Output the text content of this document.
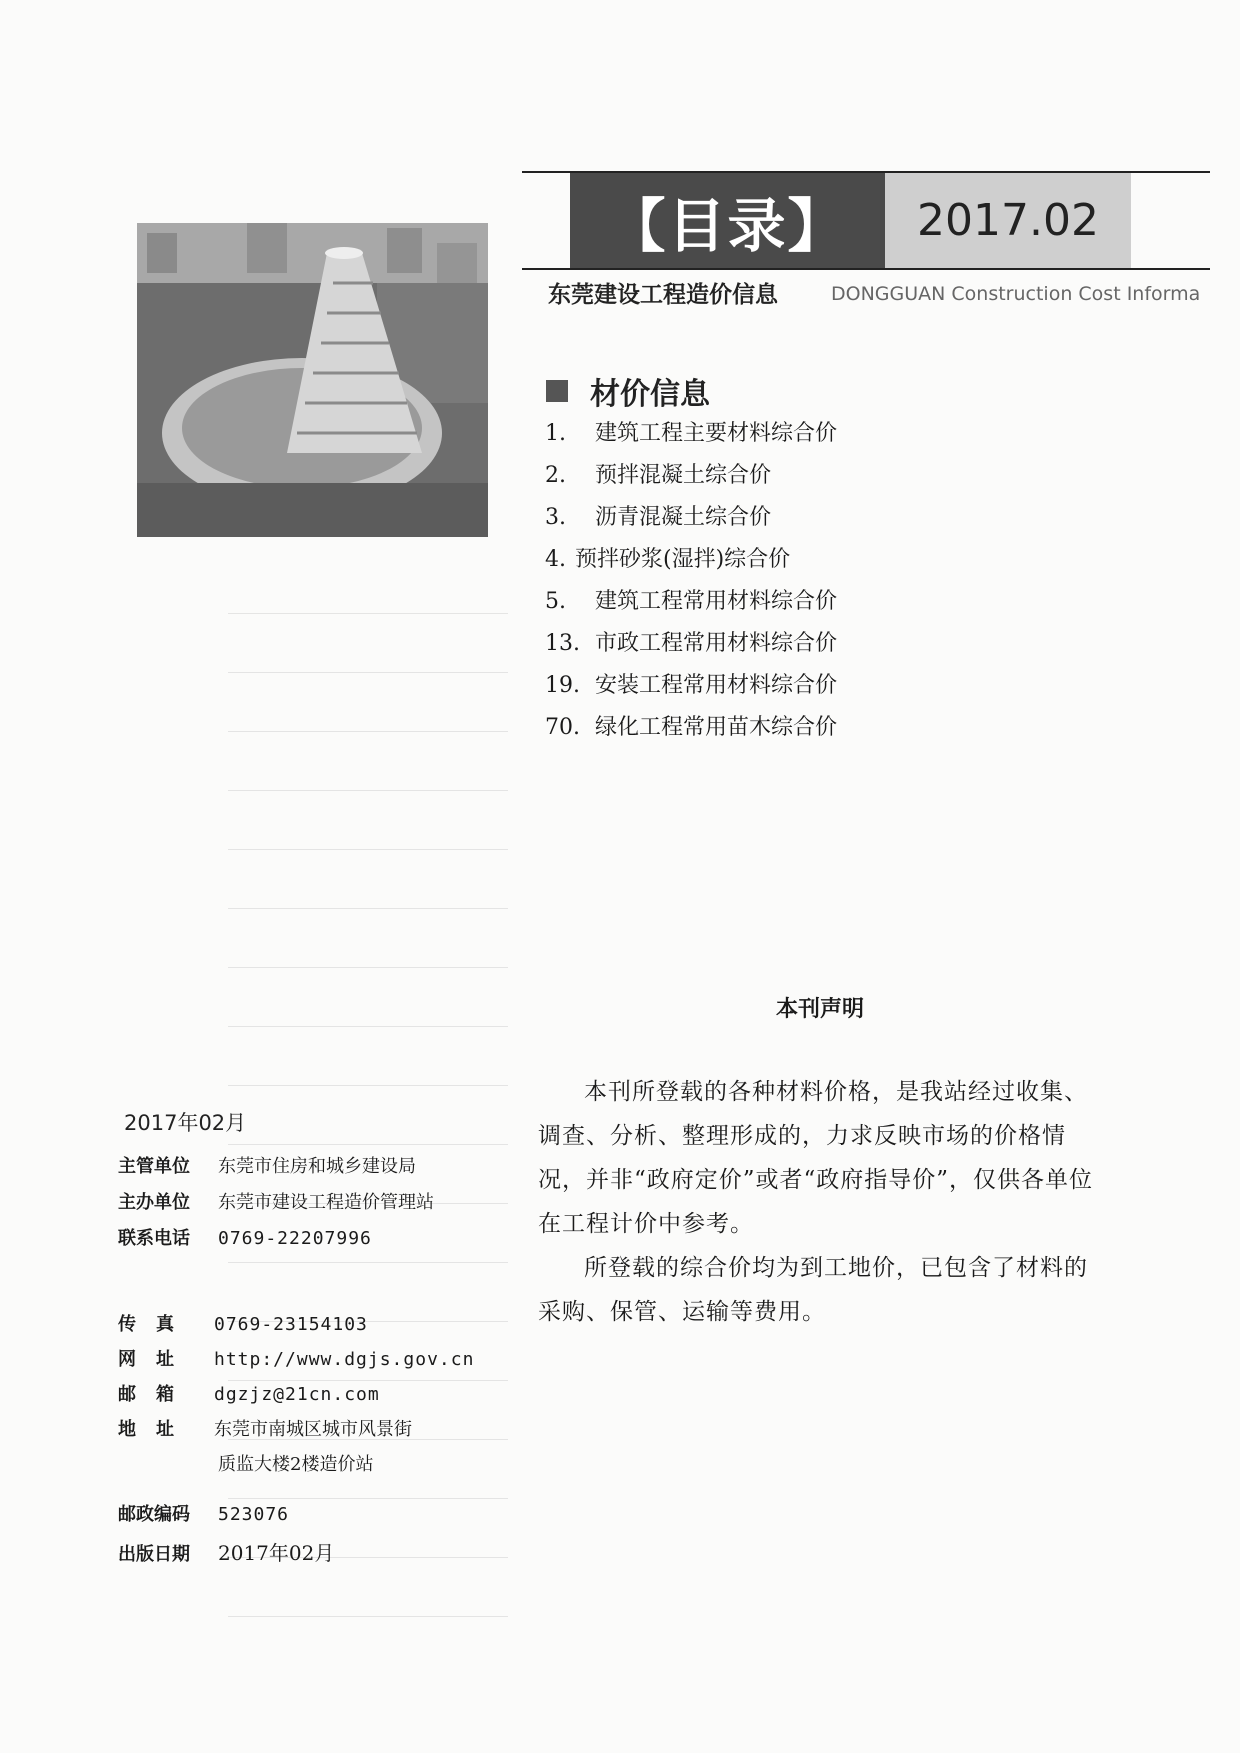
【目录】 2017.02
东莞建设工程造价信息	DONGGUAN Construction Cost Informa
材价信息
1. 建筑工程主要材料综合价
2. 预拌混凝土综合价
3. 沥青混凝土综合价
4. 预拌砂浆(湿拌)综合价
5. 建筑工程常用材料综合价
13. 市政工程常用材料综合价
19. 安装工程常用材料综合价
70. 绿化工程常用苗木综合价
本刊声明

本刊所登载的各种材料价格，是我站经过收集、调查、分析、整理形成的，力求反映市场的价格情况，并非“政府定价”或者“政府指导价”，仅供各单位在工程计价中参考。

所登载的综合价均为到工地价，已包含了材料的采购、保管、运输等费用。

2017年02月
主管单位 东莞市住房和城乡建设局
主办单位 东莞市建设工程造价管理站
联系电话 0769-22207996
传真 0769-23154103
网址 http://www.dgjs.gov.cn
邮箱 dgzjz@21cn.com
地址 东莞市南城区城市风景街
质监大楼2楼造价站
邮政编码 523076
出版日期 2017年02月
